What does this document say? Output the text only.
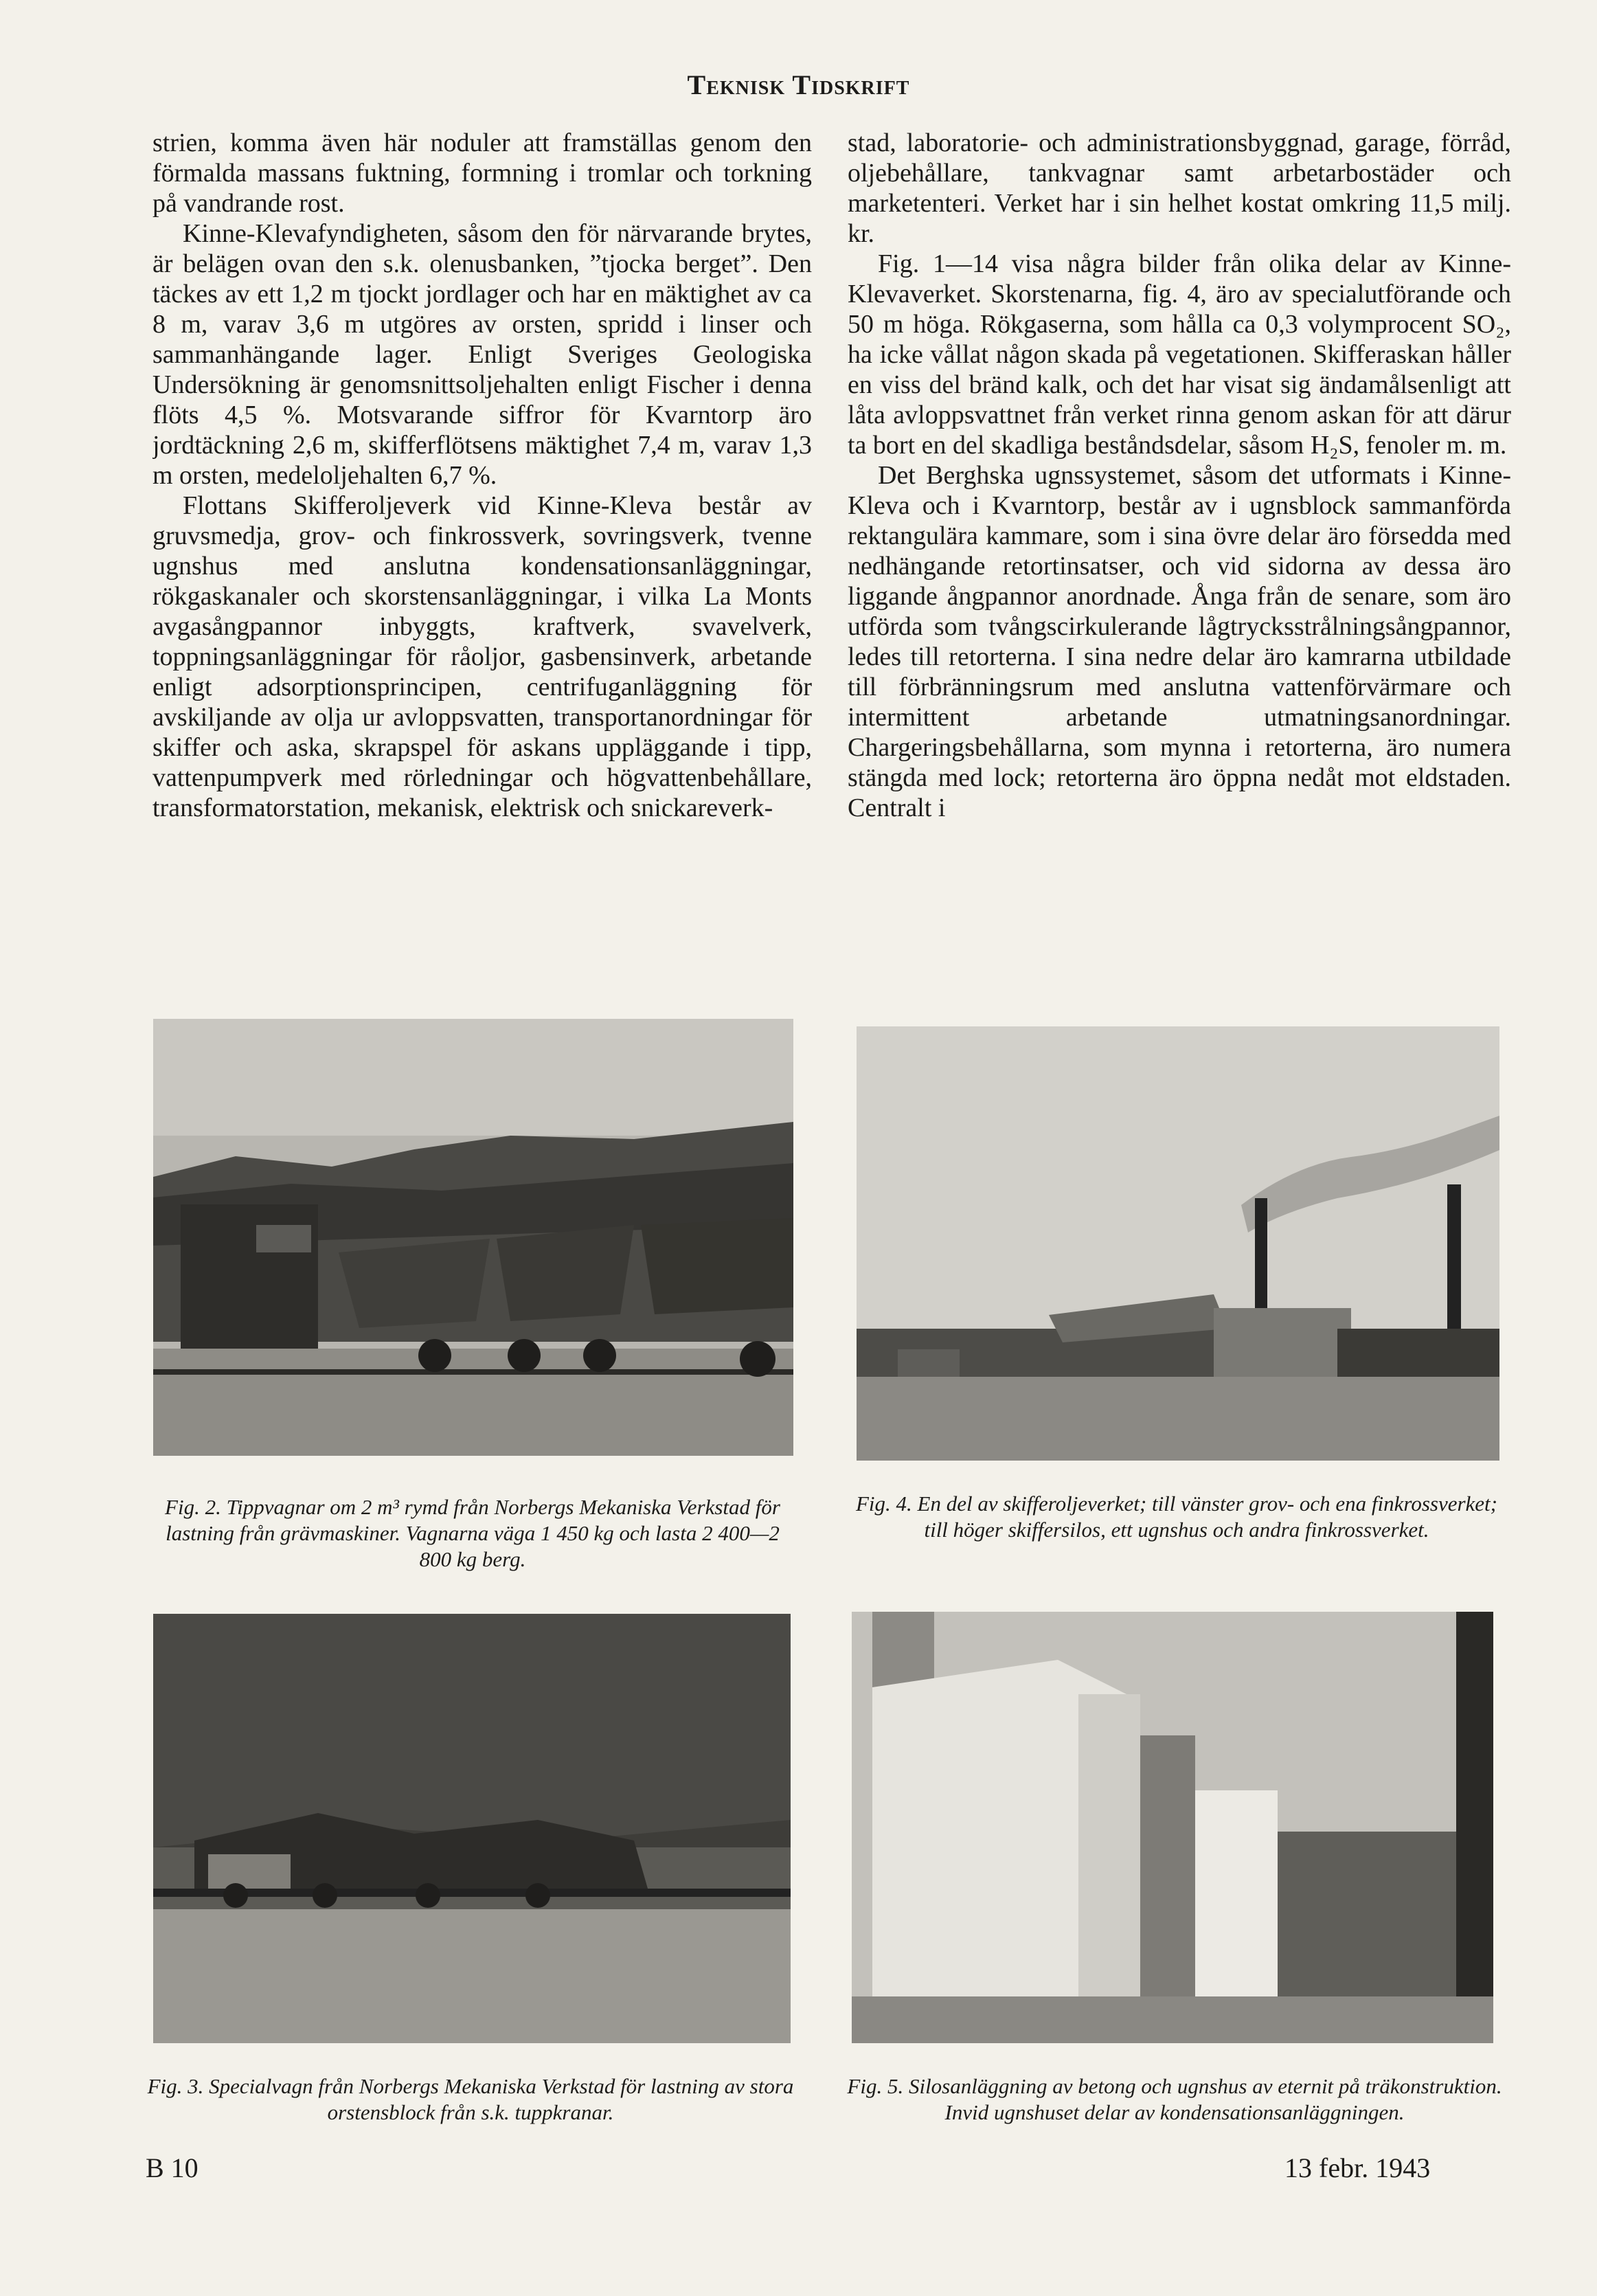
Teknisk Tidskrift

strien, komma även här noduler att framställas genom den förmalda massans fuktning, formning i tromlar och torkning på vandrande rost.

Kinne-Klevafyndigheten, såsom den för närvarande brytes, är belägen ovan den s.k. olenusbanken, ”tjocka berget”. Den täckes av ett 1,2 m tjockt jordlager och har en mäktighet av ca 8 m, varav 3,6 m utgöres av orsten, spridd i linser och sammanhängande lager. Enligt Sveriges Geologiska Undersökning är genomsnittsoljehalten enligt Fischer i denna flöts 4,5 %. Motsvarande siffror för Kvarntorp äro jordtäckning 2,6 m, skifferflötsens mäktighet 7,4 m, varav 1,3 m orsten, medeloljehalten 6,7 %.

Flottans Skifferoljeverk vid Kinne-Kleva består av gruvsmedja, grov- och finkrossverk, sovringsverk, tvenne ugnshus med anslutna kondensationsanläggningar, rökgaskanaler och skorstensanläggningar, i vilka La Monts avgasångpannor inbyggts, kraftverk, svavelverk, toppningsanläggningar för råoljor, gasbensinverk, arbetande enligt adsorptionsprincipen, centrifuganläggning för avskiljande av olja ur avloppsvatten, transportanordningar för skiffer och aska, skrapspel för askans uppläggande i tipp, vattenpumpverk med rörledningar och högvattenbehållare, transformatorstation, mekanisk, elektrisk och snickareverk-

stad, laboratorie- och administrationsbyggnad, garage, förråd, oljebehållare, tankvagnar samt arbetarbostäder och marketenteri. Verket har i sin helhet kostat omkring 11,5 milj. kr.

Fig. 1—14 visa några bilder från olika delar av Kinne-Klevaverket. Skorstenarna, fig. 4, äro av specialutförande och 50 m höga. Rökgaserna, som hålla ca 0,3 volymprocent SO₂, ha icke vållat någon skada på vegetationen. Skifferaskan håller en viss del bränd kalk, och det har visat sig ändamålsenligt att låta avloppsvattnet från verket rinna genom askan för att därur ta bort en del skadliga beståndsdelar, såsom H₂S, fenoler m. m.

Det Berghska ugnssystemet, såsom det utformats i Kinne-Kleva och i Kvarntorp, består av i ugnsblock sammanförda rektangulära kammare, som i sina övre delar äro försedda med nedhängande retortinsatser, och vid sidorna av dessa äro liggande ångpannor anordnade. Ånga från de senare, som äro utförda som tvångscirkulerande lågtrycksstrålningsångpannor, ledes till retorterna. I sina nedre delar äro kamrarna utbildade till förbränningsrum med anslutna vattenförvärmare och intermittent arbetande utmatningsanordningar. Chargeringsbehållarna, som mynna i retorterna, äro numera stängda med lock; retorterna äro öppna nedåt mot eldstaden. Centralt i

Fig. 2. Tippvagnar om 2 m³ rymd från Norbergs Mekaniska Verkstad för lastning från grävmaskiner. Vagnarna väga 1 450 kg och lasta 2 400—2 800 kg berg.
Fig. 4. En del av skifferoljeverket; till vänster grov- och ena finkrossverket; till höger skiffersilos, ett ugnshus och andra finkrossverket.
Fig. 3. Specialvagn från Norbergs Mekaniska Verkstad för lastning av stora orstensblock från s.k. tuppkranar.
Fig. 5. Silosanläggning av betong och ugnshus av eternit på träkonstruktion. Invid ugnshuset delar av kondensationsanläggningen.
B 10	13 febr. 1943
